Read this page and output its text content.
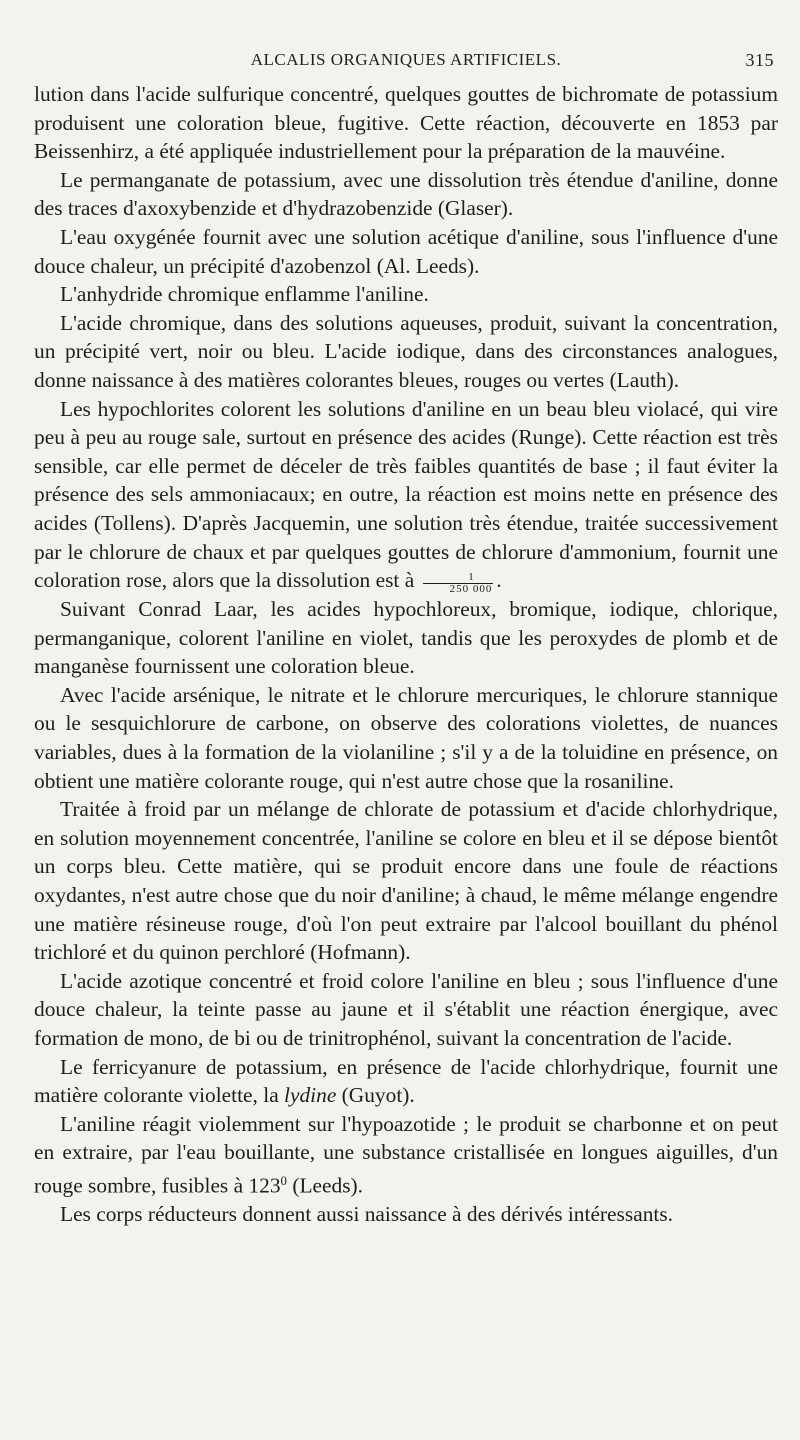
ALCALIS ORGANIQUES ARTIFICIELS.	315

lution dans l'acide sulfurique concentré, quelques gouttes de bichromate de potassium produisent une coloration bleue, fugitive. Cette réaction, découverte en 1853 par Beissenhirz, a été appliquée industriellement pour la préparation de la mauvéine.

Le permanganate de potassium, avec une dissolution très étendue d'aniline, donne des traces d'axoxybenzide et d'hydrazobenzide (Glaser).

L'eau oxygénée fournit avec une solution acétique d'aniline, sous l'influence d'une douce chaleur, un précipité d'azobenzol (Al. Leeds).

L'anhydride chromique enflamme l'aniline.

L'acide chromique, dans des solutions aqueuses, produit, suivant la concentration, un précipité vert, noir ou bleu. L'acide iodique, dans des circonstances analogues, donne naissance à des matières colorantes bleues, rouges ou vertes (Lauth).

Les hypochlorites colorent les solutions d'aniline en un beau bleu violacé, qui vire peu à peu au rouge sale, surtout en présence des acides (Runge). Cette réaction est très sensible, car elle permet de déceler de très faibles quantités de base ; il faut éviter la présence des sels ammoniacaux; en outre, la réaction est moins nette en présence des acides (Tollens). D'après Jacquemin, une solution très étendue, traitée successivement par le chlorure de chaux et par quelques gouttes de chlorure d'ammonium, fournit une coloration rose, alors que la dissolution est à $\frac{1}{250 000}$ .

Suivant Conrad Laar, les acides hypochloreux, bromique, iodique, chlorique, permanganique, colorent l'aniline en violet, tandis que les peroxydes de plomb et de manganèse fournissent une coloration bleue.

Avec l'acide arsénique, le nitrate et le chlorure mercuriques, le chlorure stannique ou le sesquichlorure de carbone, on observe des colorations violettes, de nuances variables, dues à la formation de la violaniline ; s'il y a de la toluidine en présence, on obtient une matière colorante rouge, qui n'est autre chose que la rosaniline.

Traitée à froid par un mélange de chlorate de potassium et d'acide chlorhydrique, en solution moyennement concentrée, l'aniline se colore en bleu et il se dépose bientôt un corps bleu. Cette matière, qui se produit encore dans une foule de réactions oxydantes, n'est autre chose que du noir d'aniline; à chaud, le même mélange engendre une matière résineuse rouge, d'où l'on peut extraire par l'alcool bouillant du phénol trichloré et du quinon perchloré (Hofmann).

L'acide azotique concentré et froid colore l'aniline en bleu ; sous l'influence d'une douce chaleur, la teinte passe au jaune et il s'établit une réaction énergique, avec formation de mono, de bi ou de trinitrophénol, suivant la concentration de l'acide.

Le ferricyanure de potassium, en présence de l'acide chlorhydrique, fournit une matière colorante violette, la lydine (Guyot).

L'aniline réagit violemment sur l'hypoazotide ; le produit se charbonne et on peut en extraire, par l'eau bouillante, une substance cristallisée en longues aiguilles, d'un rouge sombre, fusibles à $123^0$ (Leeds).

Les corps réducteurs donnent aussi naissance à des dérivés intéressants.
